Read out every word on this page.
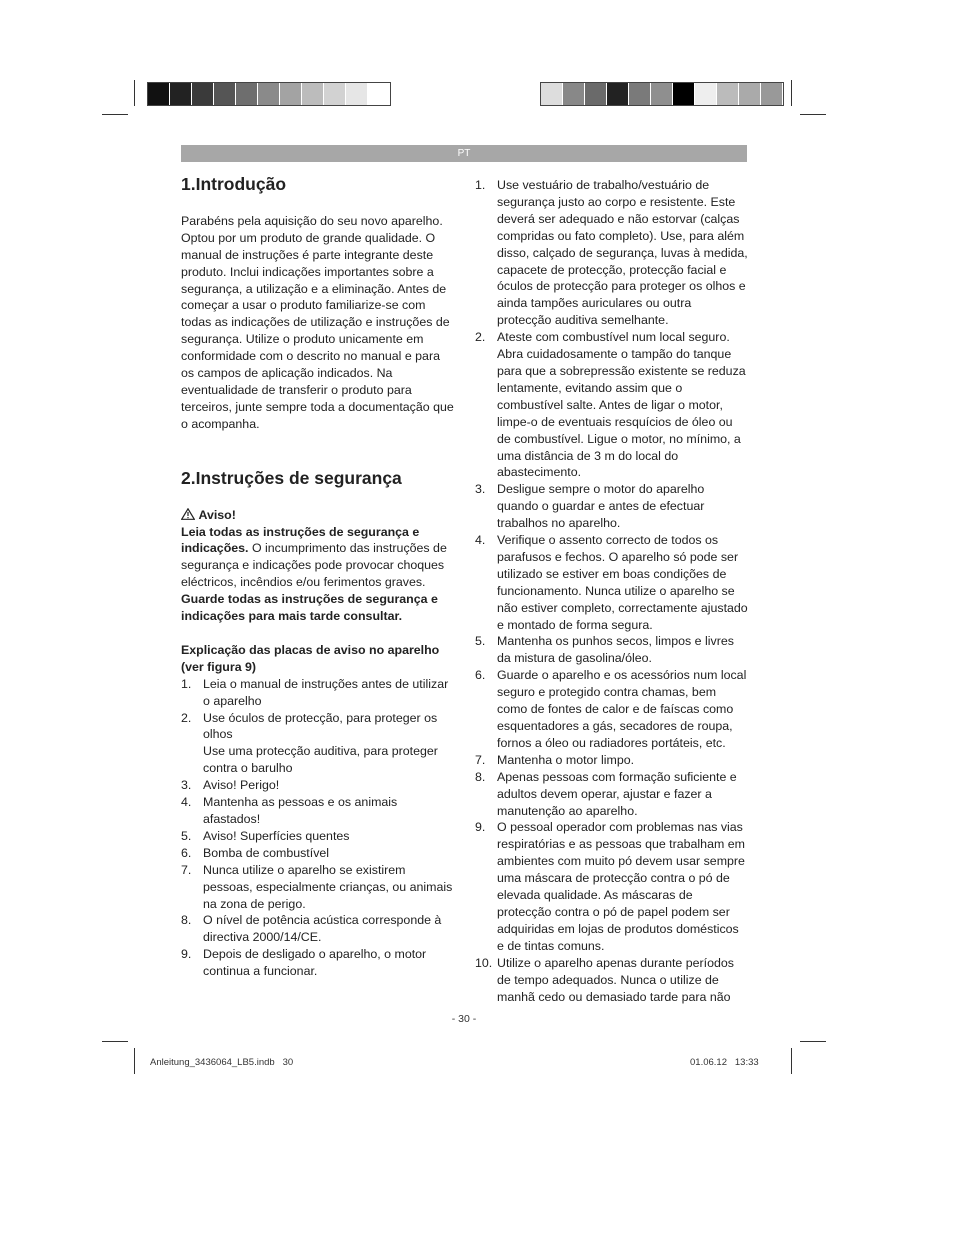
PT
1.Introdução

Parabéns pela aquisição do seu novo aparelho. Optou por um produto de grande qualidade. O manual de instruções é parte integrante deste produto. Inclui indicações importantes sobre a segurança, a utilização e a eliminação. Antes de começar a usar o produto familiarize-se com todas as indicações de utilização e instruções de segurança. Utilize o produto unicamente em conformidade com o descrito no manual e para os campos de aplicação indicados. Na eventualidade de transferir o produto para terceiros, junte sempre toda a documentação que o acompanha.

2.Instruções de segurança

Aviso!

Leia todas as instruções de segurança e indicações. O incumprimento das instruções de segurança e indicações pode provocar choques eléctricos, incêndios e/ou ferimentos graves. Guarde todas as instruções de segurança e indicações para mais tarde consultar.

Explicação das placas de aviso no aparelho (ver figura 9)

1. Leia o manual de instruções antes de utilizar o aparelho
2. Use óculos de protecção, para proteger os olhos
Use uma protecção auditiva, para proteger contra o barulho
3. Aviso! Perigo!
4. Mantenha as pessoas e os animais afastados!
5. Aviso! Superfícies quentes
6. Bomba de combustível
7. Nunca utilize o aparelho se existirem pessoas, especialmente crianças, ou animais na zona de perigo.
8. O nível de potência acústica corresponde à directiva 2000/14/CE.
9. Depois de desligado o aparelho, o motor continua a funcionar.
1. Use vestuário de trabalho/vestuário de segurança justo ao corpo e resistente. Este deverá ser adequado e não estorvar (calças compridas ou fato completo). Use, para além disso, calçado de segurança, luvas à medida, capacete de protecção, protecção facial e óculos de protecção para proteger os olhos e ainda tampões auriculares ou outra protecção auditiva semelhante.
2. Ateste com combustível num local seguro. Abra cuidadosamente o tampão do tanque para que a sobrepressão existente se reduza lentamente, evitando assim que o combustível salte. Antes de ligar o motor, limpe-o de eventuais resquícios de óleo ou de combustível. Ligue o motor, no mínimo, a uma distância de 3 m do local do abastecimento.
3. Desligue sempre o motor do aparelho quando o guardar e antes de efectuar trabalhos no aparelho.
4. Verifique o assento correcto de todos os parafusos e fechos. O aparelho só pode ser utilizado se estiver em boas condições de funcionamento. Nunca utilize o aparelho se não estiver completo, correctamente ajustado e montado de forma segura.
5. Mantenha os punhos secos, limpos e livres da mistura de gasolina/óleo.
6. Guarde o aparelho e os acessórios num local seguro e protegido contra chamas, bem como de fontes de calor e de faíscas como esquentadores a gás, secadores de roupa, fornos a óleo ou radiadores portáteis, etc.
7. Mantenha o motor limpo.
8. Apenas pessoas com formação suficiente e adultos devem operar, ajustar e fazer a manutenção ao aparelho.
9. O pessoal operador com problemas nas vias respiratórias e as pessoas que trabalham em ambientes com muito pó devem usar sempre uma máscara de protecção contra o pó de elevada qualidade. As máscaras de protecção contra o pó de papel podem ser adquiridas em lojas de produtos domésticos e de tintas comuns.
10. Utilize o aparelho apenas durante períodos de tempo adequados. Nunca o utilize de manhã cedo ou demasiado tarde para não
- 30 -
Anleitung_3436064_LB5.indb   30	01.06.12   13:33
